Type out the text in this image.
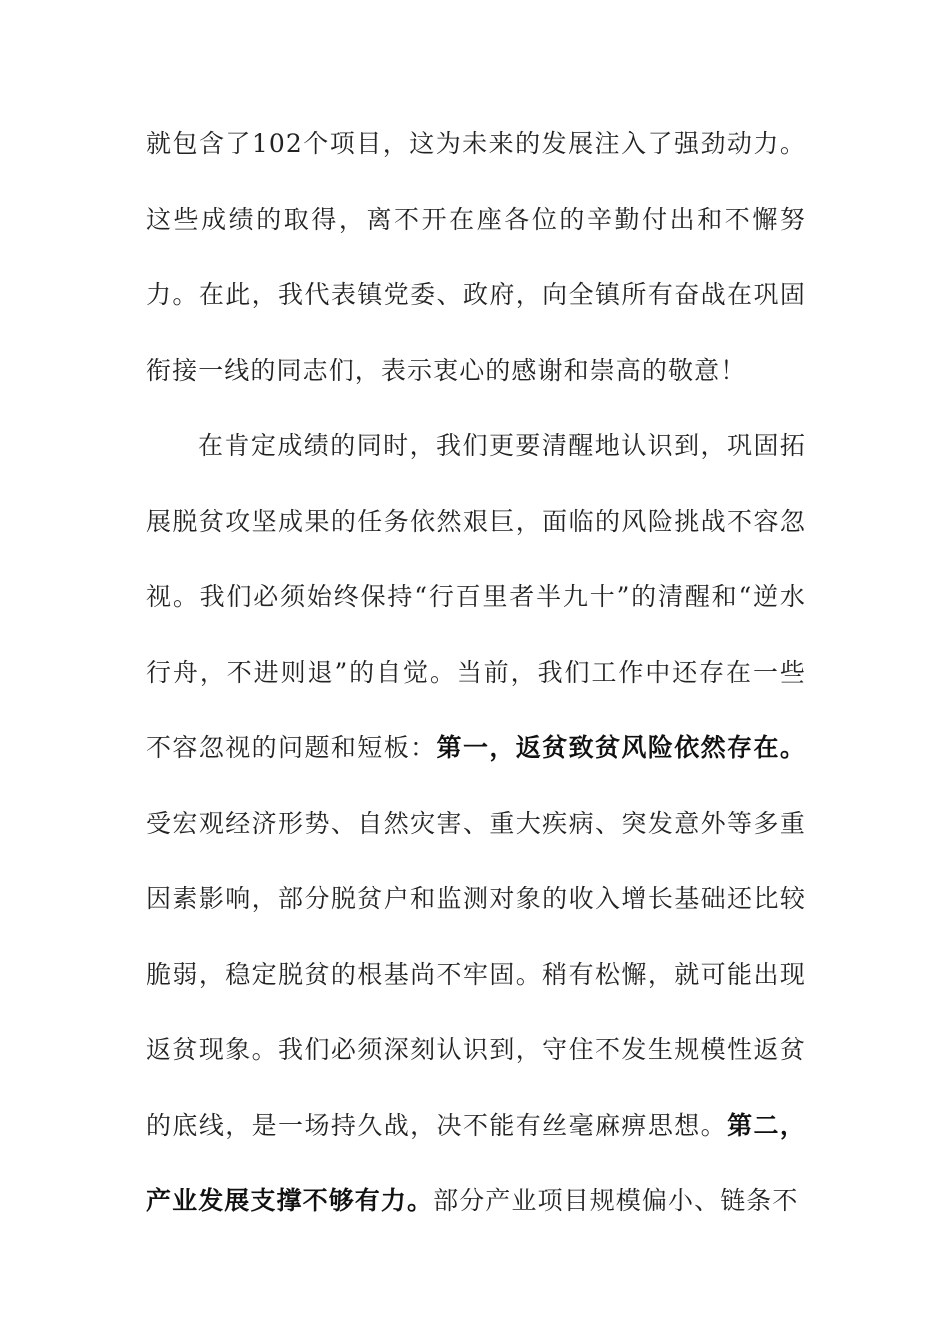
就包含了102个项目，这为未来的发展注入了强劲动力。这些成绩的取得，离不开在座各位的辛勤付出和不懈努力。在此，我代表镇党委、政府，向全镇所有奋战在巩固衔接一线的同志们，表示衷心的感谢和崇高的敬意！

在肯定成绩的同时，我们更要清醒地认识到，巩固拓展脱贫攻坚成果的任务依然艰巨，面临的风险挑战不容忽视。我们必须始终保持“行百里者半九十”的清醒和“逆水行舟，不进则退”的自觉。当前，我们工作中还存在一些不容忽视的问题和短板：第一，返贫致贫风险依然存在。受宏观经济形势、自然灾害、重大疾病、突发意外等多重因素影响，部分脱贫户和监测对象的收入增长基础还比较脆弱，稳定脱贫的根基尚不牢固。稍有松懈，就可能出现返贫现象。我们必须深刻认识到，守住不发生规模性返贫的底线，是一场持久战，决不能有丝毫麻痹思想。第二，产业发展支撑不够有力。部分产业项目规模偏小、链条不
